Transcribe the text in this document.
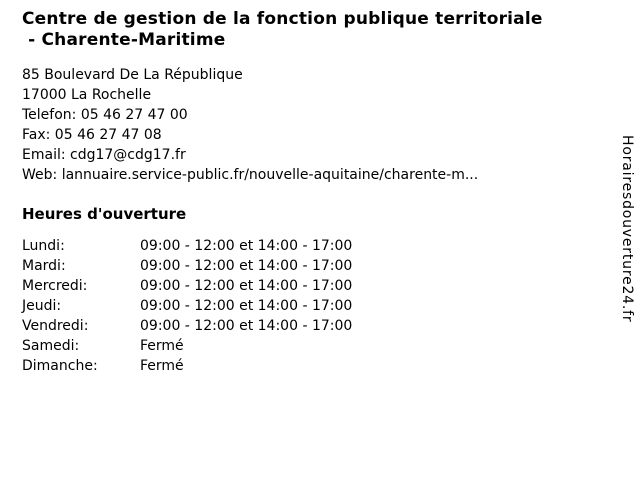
Centre de gestion de la fonction publique territoriale
- Charente-Maritime
85 Boulevard De La République
17000 La Rochelle
Telefon: 05 46 27 47 00
Fax: 05 46 27 47 08
Email: cdg17@cdg17.fr
Web: lannuaire.service-public.fr/nouvelle-aquitaine/charente-m...
Heures d'ouverture
Lundi:	09:00 - 12:00 et 14:00 - 17:00
Mardi:	09:00 - 12:00 et 14:00 - 17:00
Mercredi:	09:00 - 12:00 et 14:00 - 17:00
Jeudi:	09:00 - 12:00 et 14:00 - 17:00
Vendredi:	09:00 - 12:00 et 14:00 - 17:00
Samedi:	Fermé
Dimanche:	Fermé
Horairesdouverture24.fr
